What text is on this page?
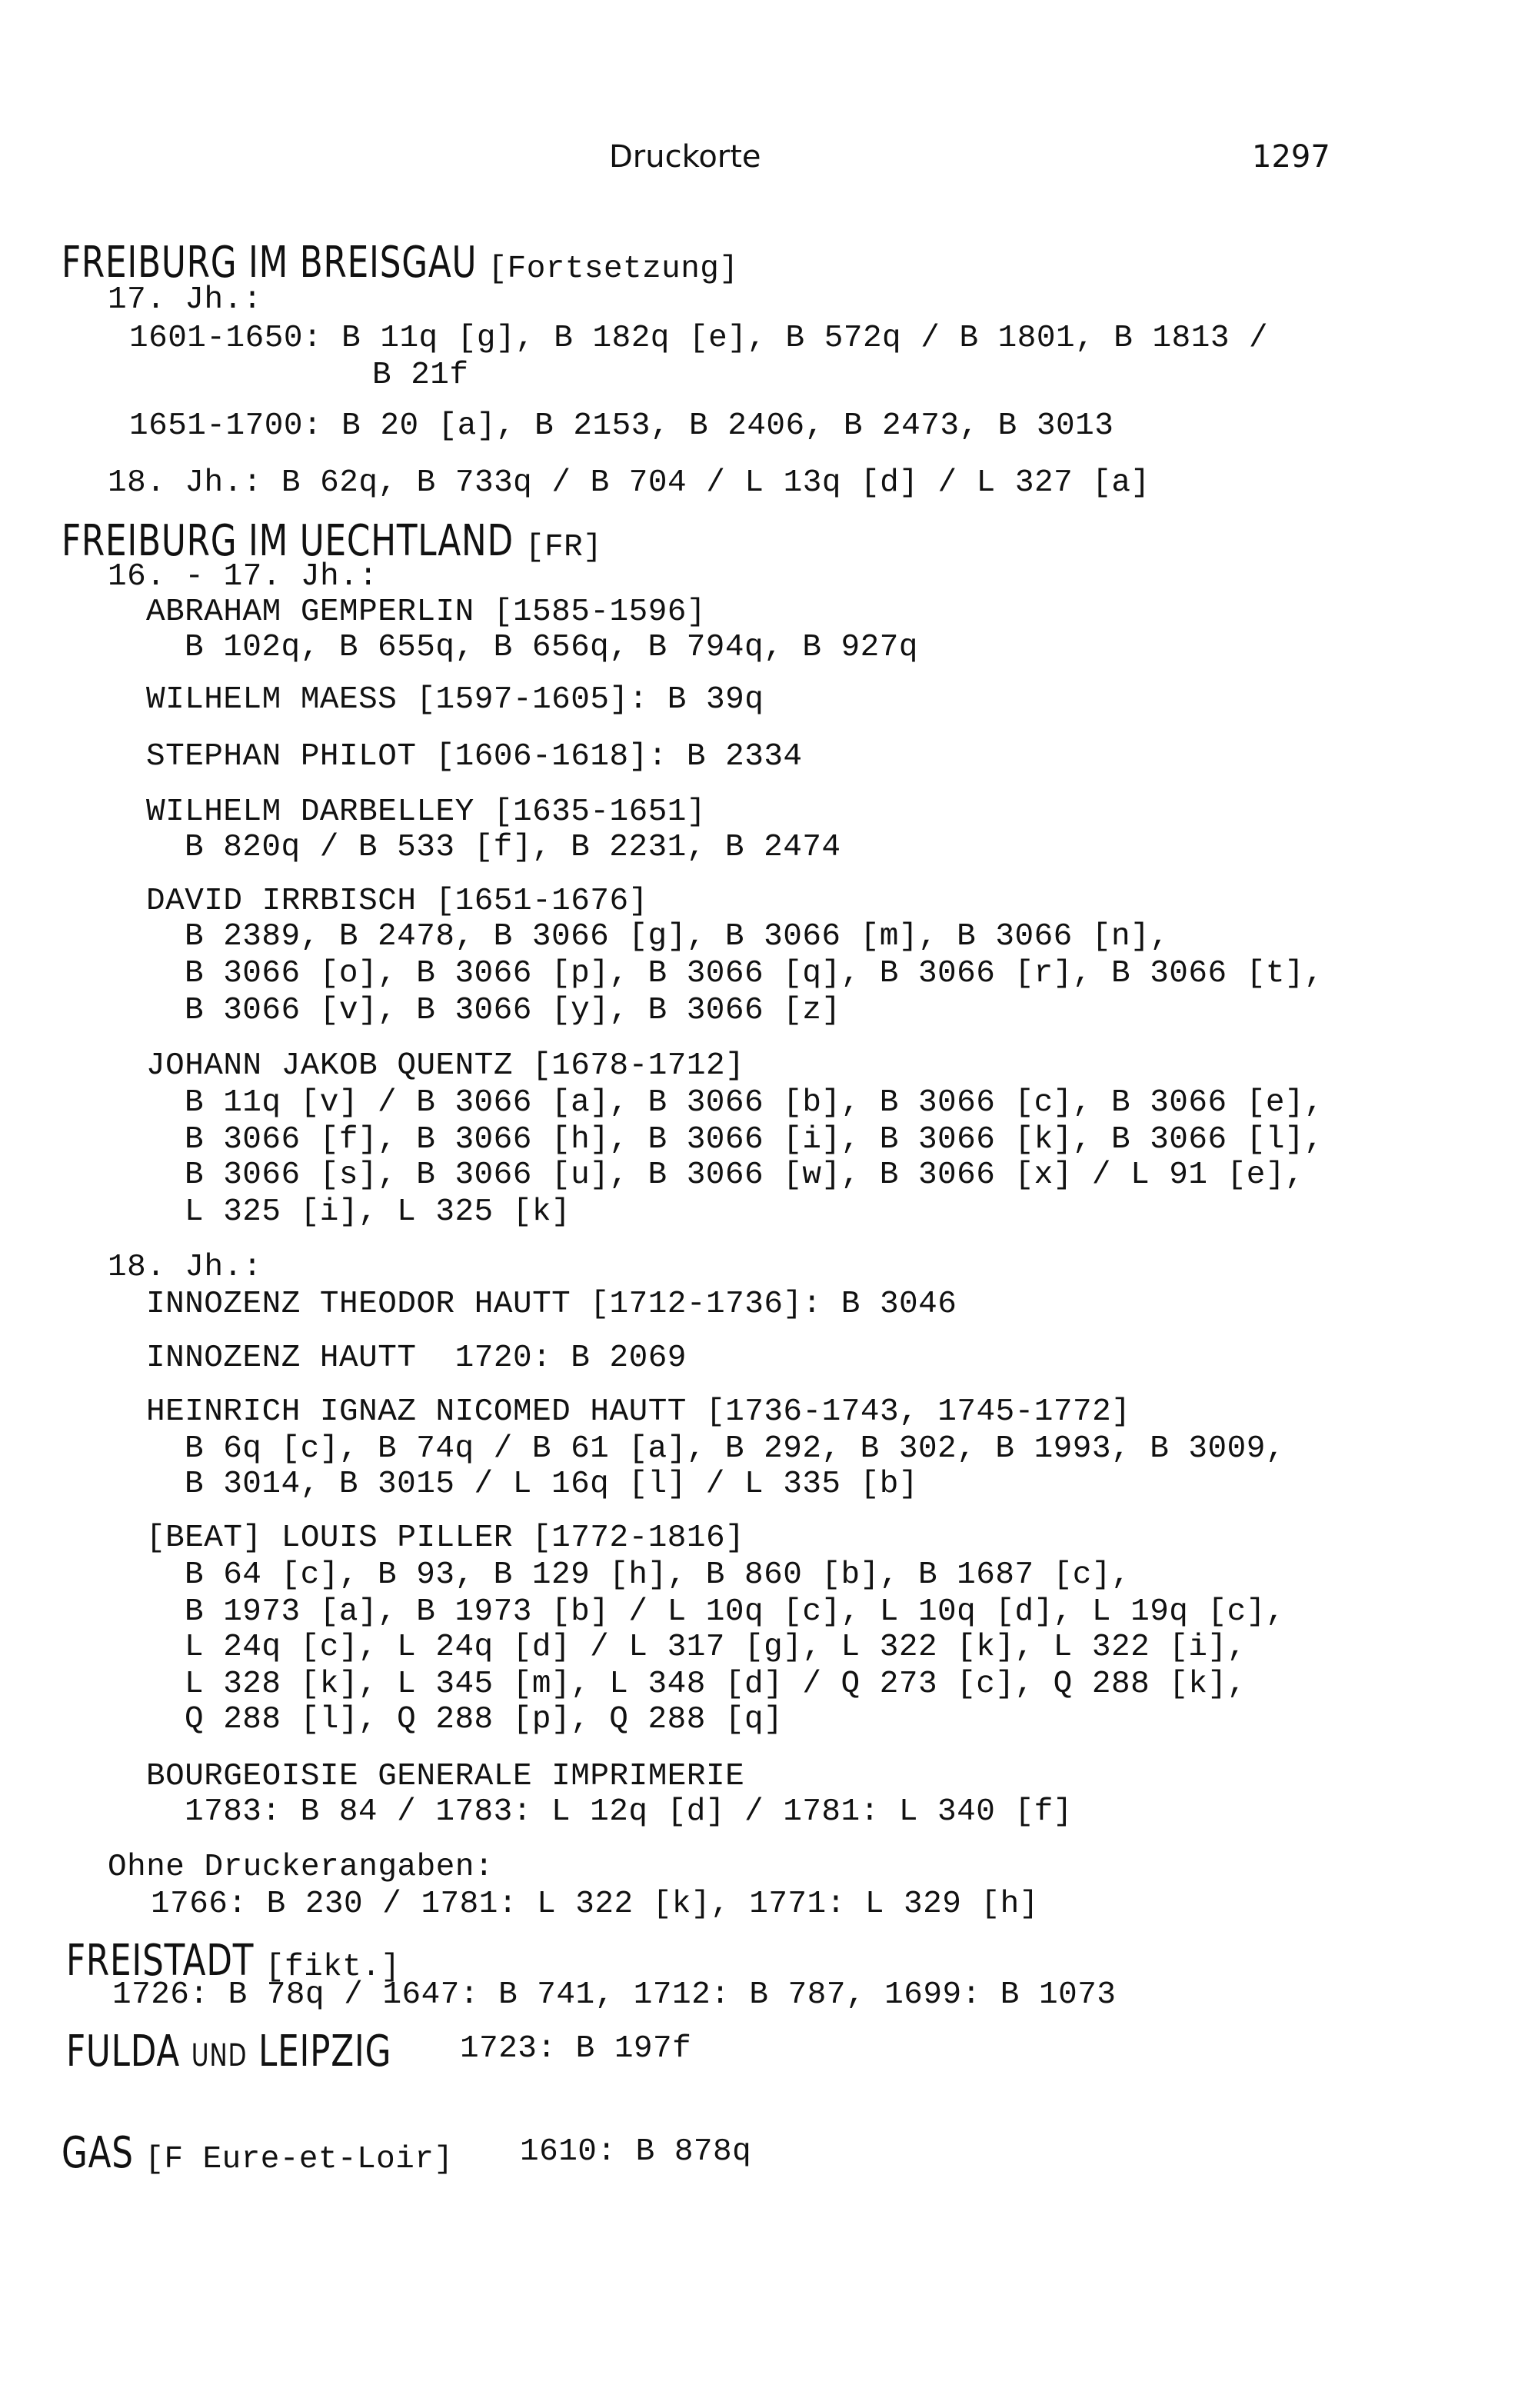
Druckorte	1297
FREIBURG IM BREISGAU [Fortsetzung]
17. Jh.:
1601-1650: B 11q [g], B 182q [e], B 572q / B 1801, B 1813 /
B 21f
1651-1700: B 20 [a], B 2153, B 2406, B 2473, B 3013
18. Jh.: B 62q, B 733q / B 704 / L 13q [d] / L 327 [a]
FREIBURG IM UECHTLAND [FR]
16. - 17. Jh.:
ABRAHAM GEMPERLIN [1585-1596]
B 102q, B 655q, B 656q, B 794q, B 927q
WILHELM MAESS [1597-1605]: B 39q
STEPHAN PHILOT [1606-1618]: B 2334
WILHELM DARBELLEY [1635-1651]
B 820q / B 533 [f], B 2231, B 2474
DAVID IRRBISCH [1651-1676]
B 2389, B 2478, B 3066 [g], B 3066 [m], B 3066 [n],
B 3066 [o], B 3066 [p], B 3066 [q], B 3066 [r], B 3066 [t],
B 3066 [v], B 3066 [y], B 3066 [z]
JOHANN JAKOB QUENTZ [1678-1712]
B 11q [v] / B 3066 [a], B 3066 [b], B 3066 [c], B 3066 [e],
B 3066 [f], B 3066 [h], B 3066 [i], B 3066 [k], B 3066 [l],
B 3066 [s], B 3066 [u], B 3066 [w], B 3066 [x] / L 91 [e],
L 325 [i], L 325 [k]
18. Jh.:
INNOZENZ THEODOR HAUTT [1712-1736]: B 3046
INNOZENZ HAUTT  1720: B 2069
HEINRICH IGNAZ NICOMED HAUTT [1736-1743, 1745-1772]
B 6q [c], B 74q / B 61 [a], B 292, B 302, B 1993, B 3009,
B 3014, B 3015 / L 16q [l] / L 335 [b]
[BEAT] LOUIS PILLER [1772-1816]
B 64 [c], B 93, B 129 [h], B 860 [b], B 1687 [c],
B 1973 [a], B 1973 [b] / L 10q [c], L 10q [d], L 19q [c],
L 24q [c], L 24q [d] / L 317 [g], L 322 [k], L 322 [i],
L 328 [k], L 345 [m], L 348 [d] / Q 273 [c], Q 288 [k],
Q 288 [l], Q 288 [p], Q 288 [q]
BOURGEOISIE GENERALE IMPRIMERIE
1783: B 84 / 1783: L 12q [d] / 1781: L 340 [f]
Ohne Druckerangaben:
1766: B 230 / 1781: L 322 [k], 1771: L 329 [h]
FREISTADT [fikt.]
1726: B 78q / 1647: B 741, 1712: B 787, 1699: B 1073
FULDA UND LEIPZIG 1723: B 197f
GAS [F Eure-et-Loir] 1610: B 878q
